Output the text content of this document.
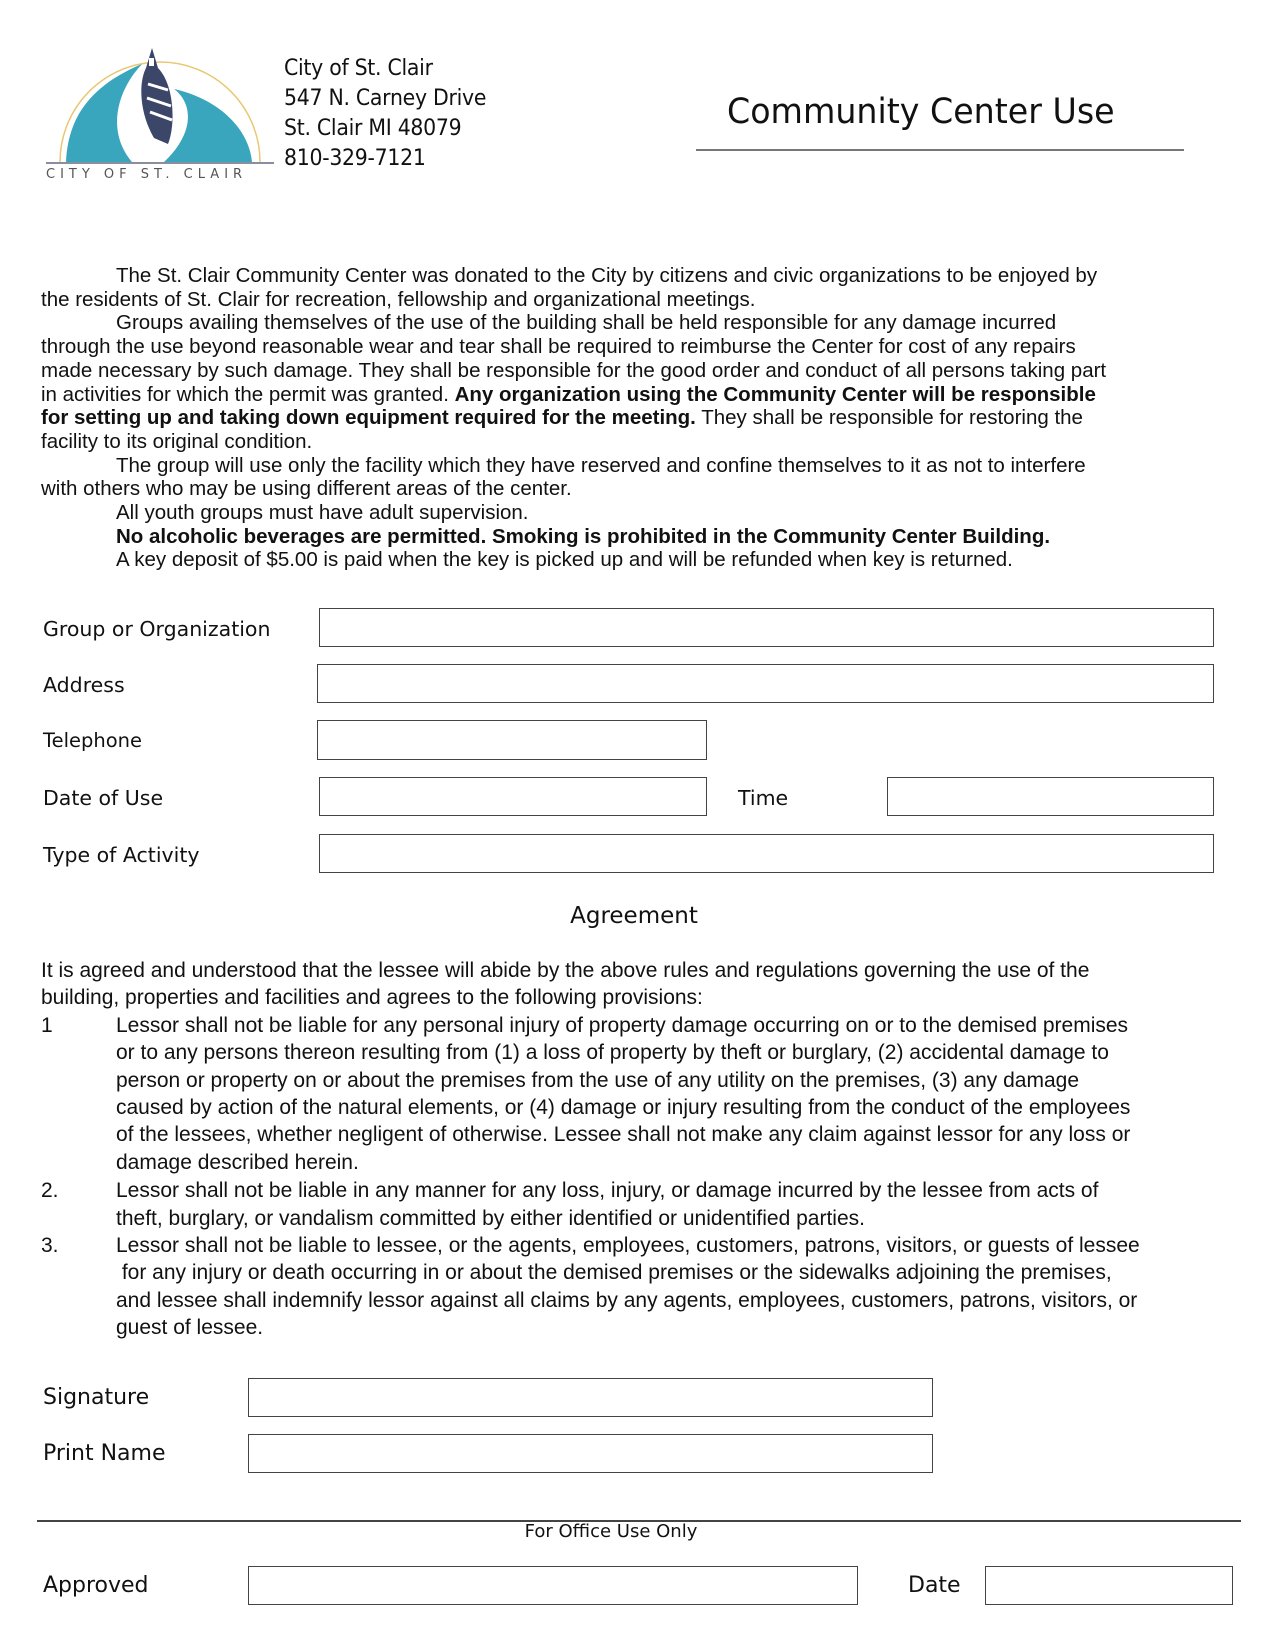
CITY OF ST. CLAIR
City of St. Clair
547 N. Carney Drive
St. Clair MI 48079
810-329-7121
Community Center Use
The St. Clair Community Center was donated to the City by citizens and civic organizations to be enjoyed by
the residents of St. Clair for recreation, fellowship and organizational meetings.
Groups availing themselves of the use of the building shall be held responsible for any damage incurred
through the use beyond reasonable wear and tear shall be required to reimburse the Center for cost of any repairs
made necessary by such damage. They shall be responsible for the good order and conduct of all persons taking part
in activities for which the permit was granted. Any organization using the Community Center will be responsible
for setting up and taking down equipment required for the meeting. They shall be responsible for restoring the
facility to its original condition.
The group will use only the facility which they have reserved and confine themselves to it as not to interfere
with others who may be using different areas of the center.
All youth groups must have adult supervision.
No alcoholic beverages are permitted. Smoking is prohibited in the Community Center Building.
A key deposit of $5.00 is paid when the key is picked up and will be refunded when key is returned.
Group or Organization
Address
Telephone
Date of Use	Time
Type of Activity
Agreement
It is agreed and understood that the lessee will abide by the above rules and regulations governing the use of the
building, properties and facilities and agrees to the following provisions:
1	Lessor shall not be liable for any personal injury of property damage occurring on or to the demised premises
or to any persons thereon resulting from (1) a loss of property by theft or burglary, (2) accidental damage to
person or property on or about the premises from the use of any utility on the premises, (3) any damage
caused by action of the natural elements, or (4) damage or injury resulting from the conduct of the employees
of the lessees, whether negligent of otherwise. Lessee shall not make any claim against lessor for any loss or
damage described herein.
2.	Lessor shall not be liable in any manner for any loss, injury, or damage incurred by the lessee from acts of
theft, burglary, or vandalism committed by either identified or unidentified parties.
3.	Lessor shall not be liable to lessee, or the agents, employees, customers, patrons, visitors, or guests of lessee
for any injury or death occurring in or about the demised premises or the sidewalks adjoining the premises,
and lessee shall indemnify lessor against all claims by any agents, employees, customers, patrons, visitors, or
guest of lessee.
Signature
Print Name
For Office Use Only
Approved	Date
